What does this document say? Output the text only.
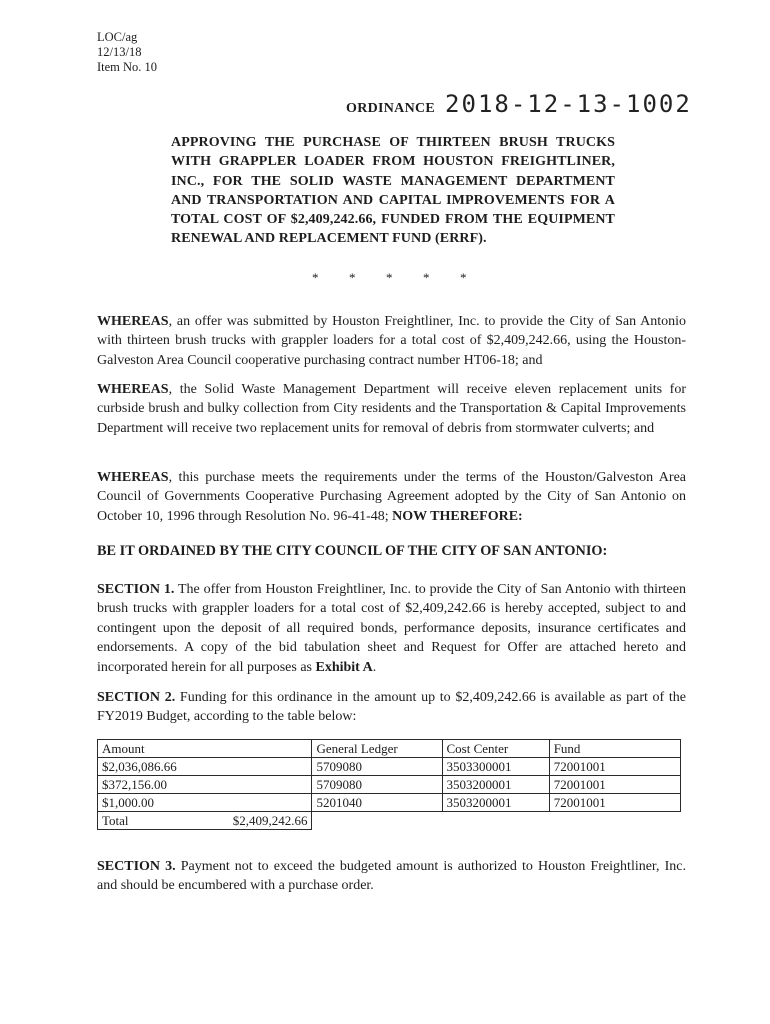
LOC/ag
12/13/18
Item No. 10
ORDINANCE 2018-12-13-1002
APPROVING THE PURCHASE OF THIRTEEN BRUSH TRUCKS WITH GRAPPLER LOADER FROM HOUSTON FREIGHTLINER, INC., FOR THE SOLID WASTE MANAGEMENT DEPARTMENT AND TRANSPORTATION AND CAPITAL IMPROVEMENTS FOR A TOTAL COST OF $2,409,242.66, FUNDED FROM THE EQUIPMENT RENEWAL AND REPLACEMENT FUND (ERRF).
* * * * *
WHEREAS, an offer was submitted by Houston Freightliner, Inc. to provide the City of San Antonio with thirteen brush trucks with grappler loaders for a total cost of $2,409,242.66, using the Houston-Galveston Area Council cooperative purchasing contract number HT06-18; and
WHEREAS, the Solid Waste Management Department will receive eleven replacement units for curbside brush and bulky collection from City residents and the Transportation & Capital Improvements Department will receive two replacement units for removal of debris from stormwater culverts; and
WHEREAS, this purchase meets the requirements under the terms of the Houston/Galveston Area Council of Governments Cooperative Purchasing Agreement adopted by the City of San Antonio on October 10, 1996 through Resolution No. 96-41-48; NOW THEREFORE:
BE IT ORDAINED BY THE CITY COUNCIL OF THE CITY OF SAN ANTONIO:
SECTION 1. The offer from Houston Freightliner, Inc. to provide the City of San Antonio with thirteen brush trucks with grappler loaders for a total cost of $2,409,242.66 is hereby accepted, subject to and contingent upon the deposit of all required bonds, performance deposits, insurance certificates and endorsements. A copy of the bid tabulation sheet and Request for Offer are attached hereto and incorporated herein for all purposes as Exhibit A.
SECTION 2. Funding for this ordinance in the amount up to $2,409,242.66 is available as part of the FY2019 Budget, according to the table below:
Amount	General Ledger	Cost Center	Fund
$2,036,086.66	5709080	3503300001	72001001
$372,156.00	5709080	3503200001	72001001
$1,000.00	5201040	3503200001	72001001

Total $2,409,242.66			

SECTION 3. Payment not to exceed the budgeted amount is authorized to Houston Freightliner, Inc. and should be encumbered with a purchase order.
